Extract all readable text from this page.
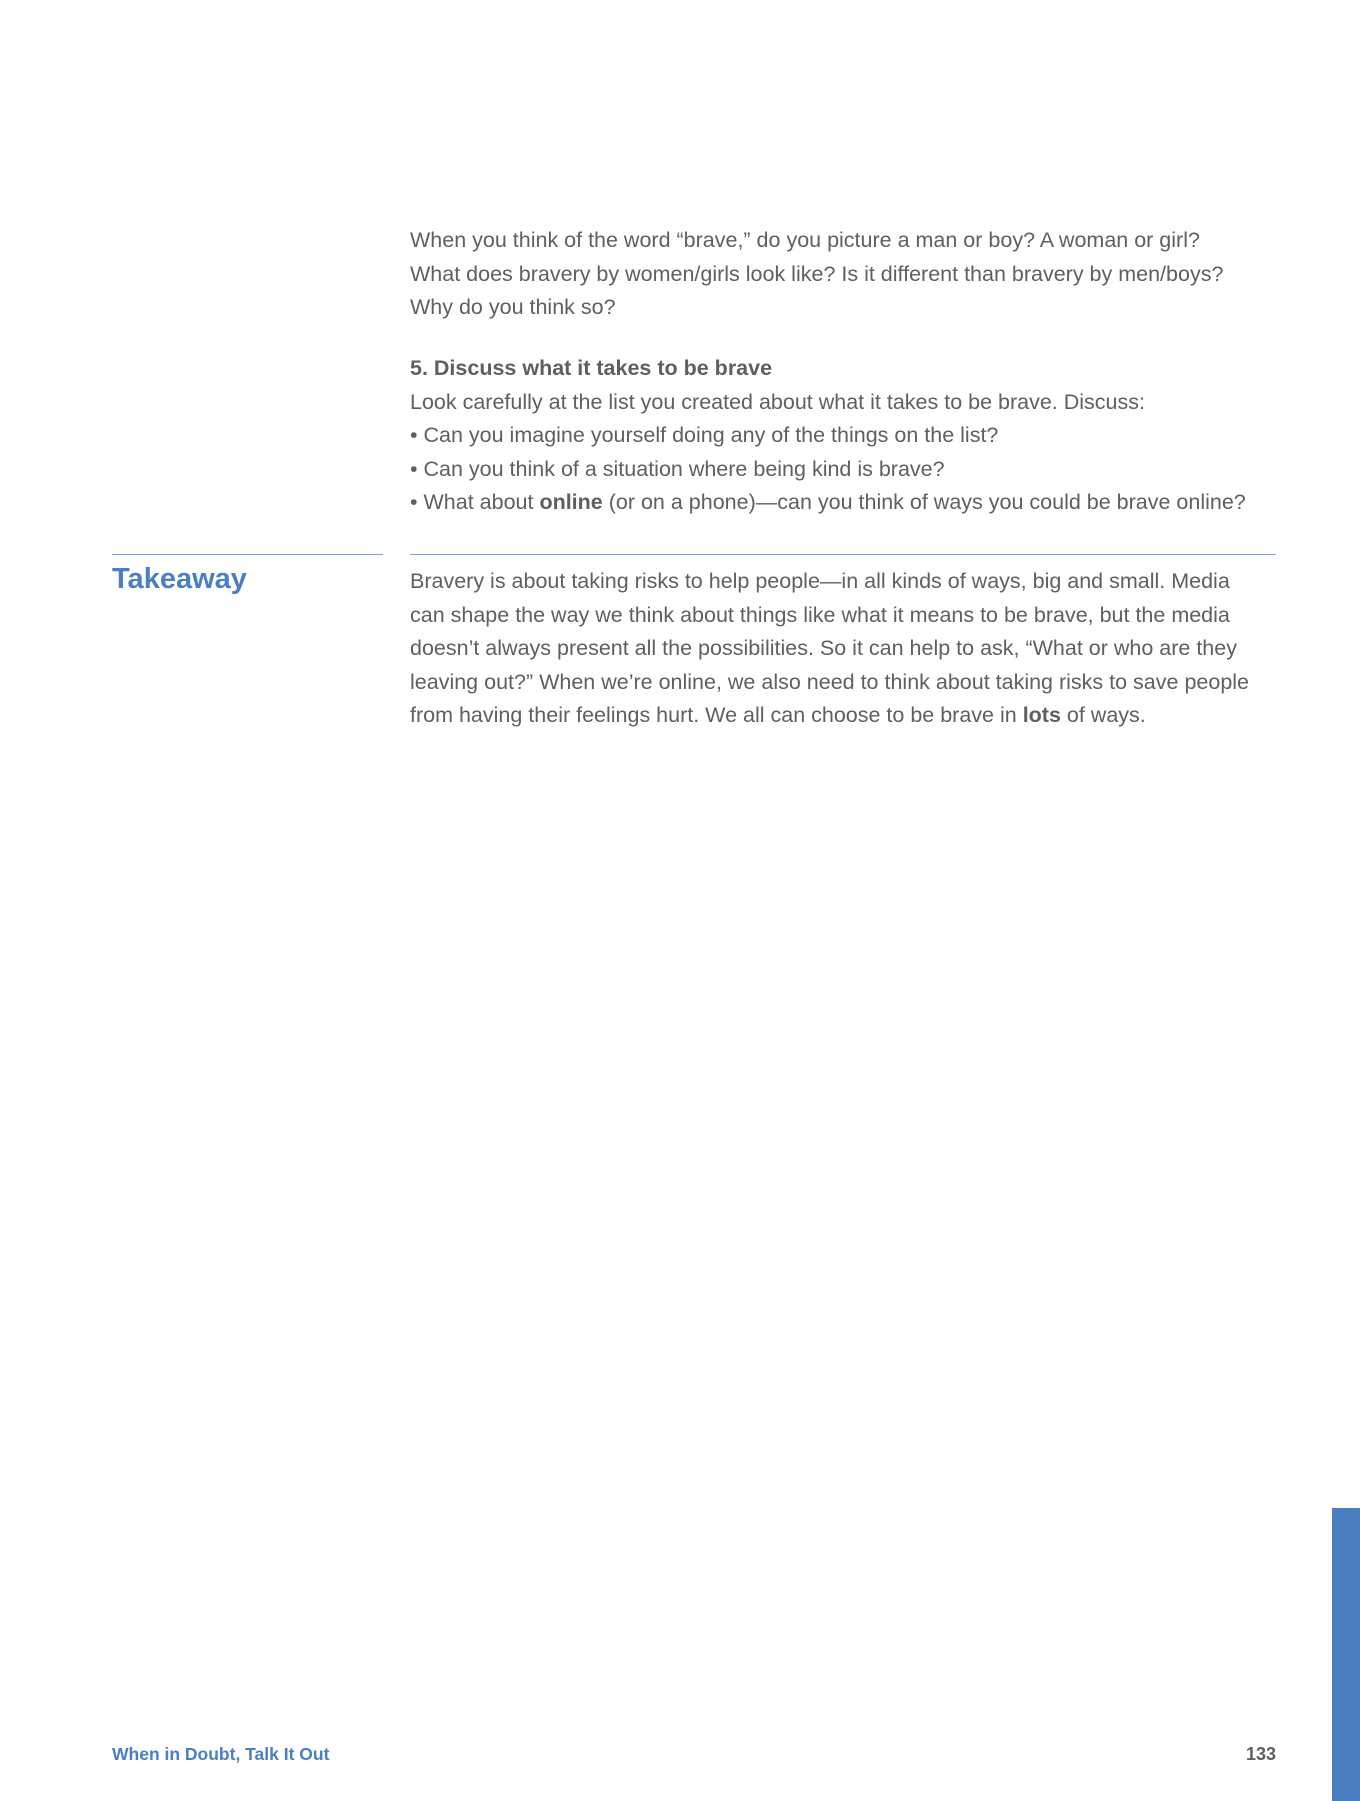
When you think of the word “brave,” do you picture a man or boy? A woman or girl?

What does bravery by women/girls look like? Is it different than bravery by men/boys?

Why do you think so?

5. Discuss what it takes to be brave

Look carefully at the list you created about what it takes to be brave. Discuss:

• Can you imagine yourself doing any of the things on the list?

• Can you think of a situation where being kind is brave?

• What about online (or on a phone)—can you think of ways you could be brave online?

Takeaway	Bravery is about taking risks to help people—in all kinds of ways, big and small. Media

can shape the way we think about things like what it means to be brave, but the media

doesn’t always present all the possibilities. So it can help to ask, “What or who are they

leaving out?” When we’re online, we also need to think about taking risks to save people

from having their feelings hurt. We all can choose to be brave in lots of ways.

When in Doubt, Talk It Out	133
